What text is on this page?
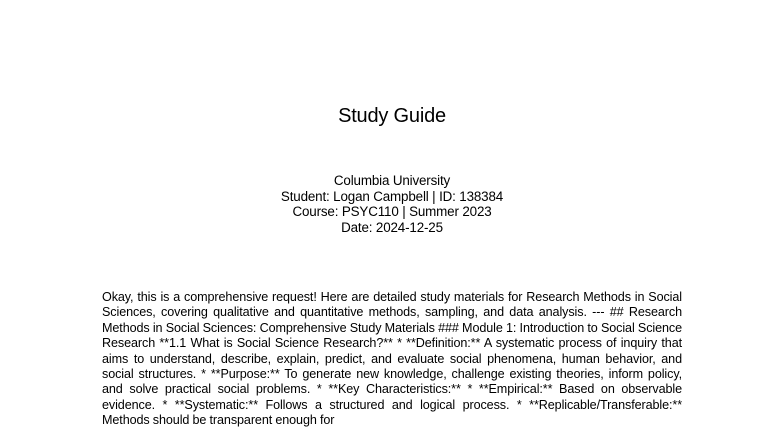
Study Guide
Columbia University
Student: Logan Campbell | ID: 138384
Course: PSYC110 | Summer 2023
Date: 2024-12-25
Okay, this is a comprehensive request! Here are detailed study materials for Research Methods in Social Sciences, covering qualitative and quantitative methods, sampling, and data analysis. --- ## Research Methods in Social Sciences: Comprehensive Study Materials ### Module 1: Introduction to Social Science Research **1.1 What is Social Science Research?** * **Definition:** A systematic process of inquiry that aims to understand, describe, explain, predict, and evaluate social phenomena, human behavior, and social structures. * **Purpose:** To generate new knowledge, challenge existing theories, inform policy, and solve practical social problems. * **Key Characteristics:** * **Empirical:** Based on observable evidence. * **Systematic:** Follows a structured and logical process. * **Replicable/Transferable:** Methods should be transparent enough for
